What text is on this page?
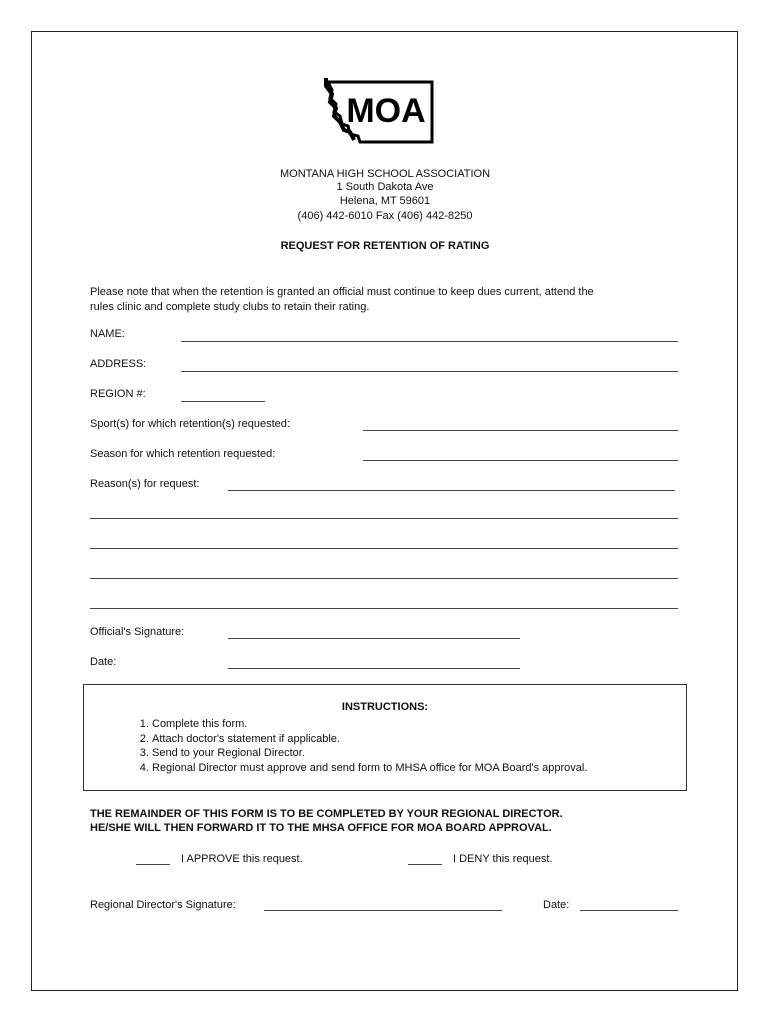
MOA
MONTANA HIGH SCHOOL ASSOCIATION
1 South Dakota Ave
Helena, MT 59601
(406) 442-6010 Fax (406) 442-8250
REQUEST FOR RETENTION OF RATING
Please note that when the retention is granted an official must continue to keep dues current, attend the
rules clinic and complete study clubs to retain their rating.
NAME:
ADDRESS:
REGION #:
Sport(s) for which retention(s) requested:
Season for which retention requested:
Reason(s) for request:
Official's Signature:
Date:
INSTRUCTIONS:
1. Complete this form.
2. Attach doctor's statement if applicable.
3. Send to your Regional Director.
4. Regional Director must approve and send form to MHSA office for MOA Board's approval.
THE REMAINDER OF THIS FORM IS TO BE COMPLETED BY YOUR REGIONAL DIRECTOR.
HE/SHE WILL THEN FORWARD IT TO THE MHSA OFFICE FOR MOA BOARD APPROVAL.
I APPROVE this request.	I DENY this request.
Regional Director's Signature:	Date:
